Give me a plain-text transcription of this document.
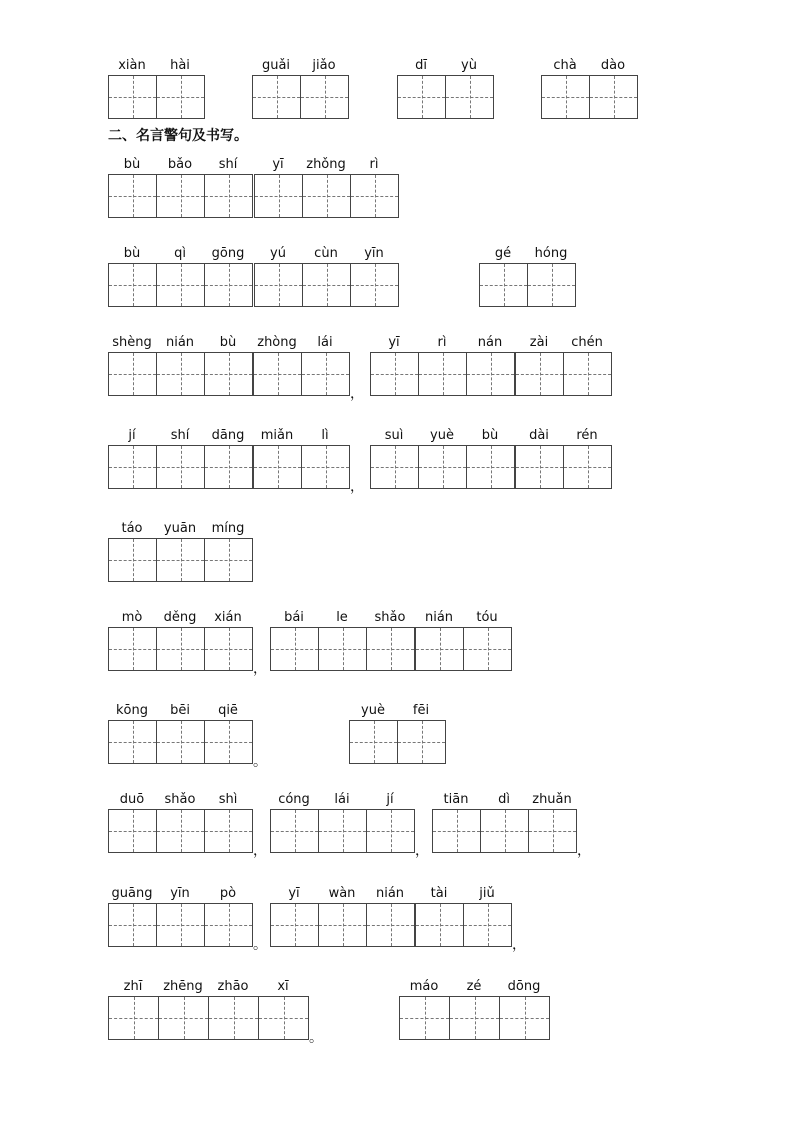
二、名言警句及书写。
xiàn hài	guǎi jiǎo	dī	yù	chà dào
bù bǎo shí	yī zhǒng rì
bù	qì gōng yú cùn yīn	gé hóng
shèng nián bù zhòng lái
，
yī	rì nán zài chén
jí	shí dāng miǎn lì
，
suì yuè bù dài rén
táo yuān míng
mò děng xián
，
bái le shǎo nián tóu
kōng bēi qiē
。
yuè fēi
duō shǎo shì
，
cóng lái	jí
，
tiān dì zhuǎn
，
guāng yīn pò
。
yī wàn nián tài jiǔ
，
zhī zhēng zhāo xī
。
máo zé dōng
